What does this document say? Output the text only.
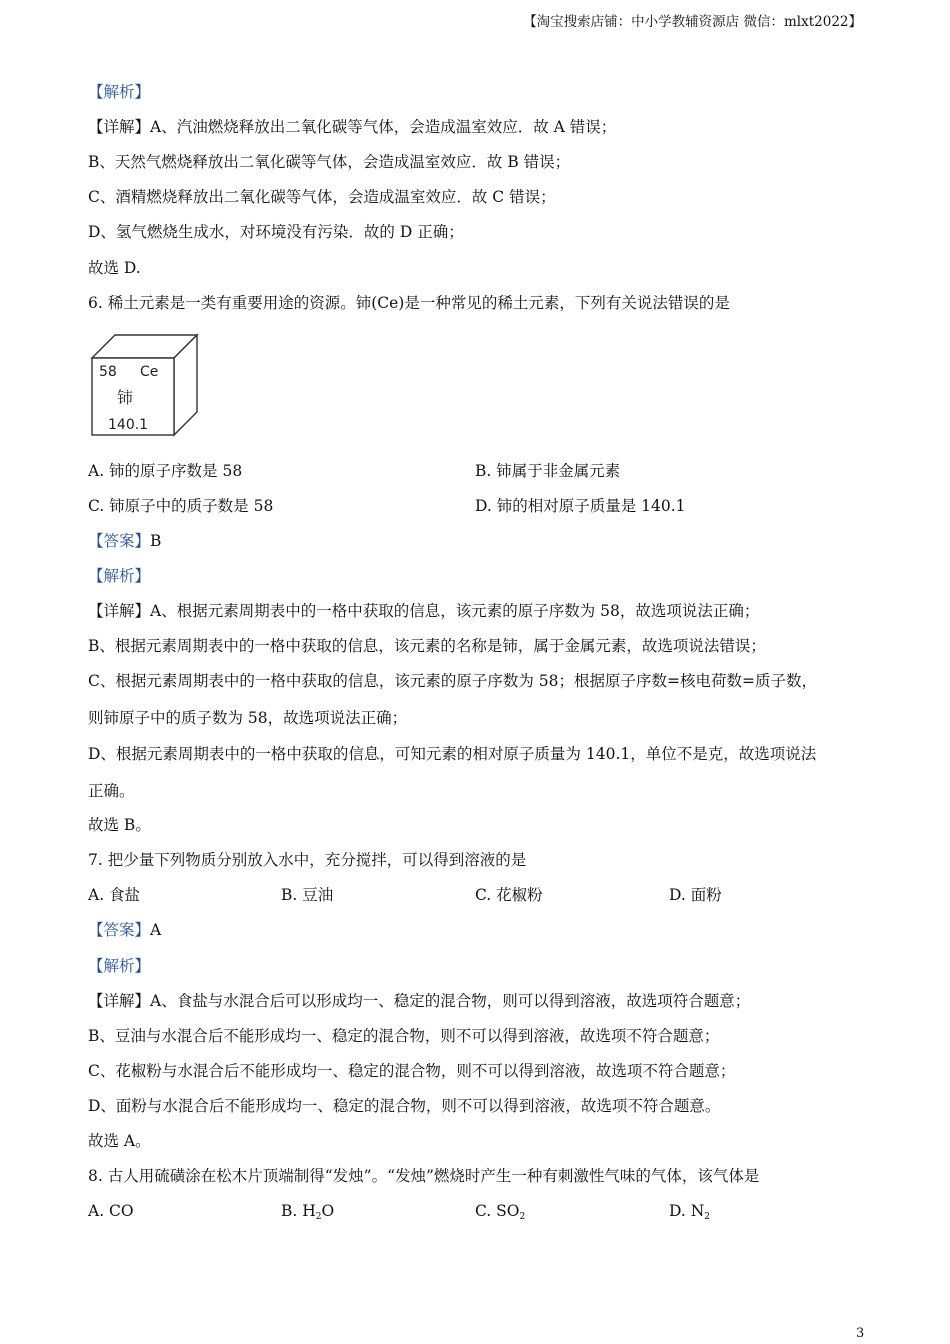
【淘宝搜索店铺：中小学教辅资源店 微信：mlxt2022】
【解析】
【详解】A、汽油燃烧释放出二氧化碳等气体，会造成温室效应．故 A 错误；
B、天然气燃烧释放出二氧化碳等气体，会造成温室效应．故 B 错误；
C、酒精燃烧释放出二氧化碳等气体，会造成温室效应．故 C 错误；
D、氢气燃烧生成水，对环境没有污染．故的 D 正确；
故选 D.
6. 稀土元素是一类有重要用途的资源。铈(Ce)是一种常见的稀土元素，下列有关说法错误的是
58 Ce
铈
140.1
A. 铈的原子序数是 58	B. 铈属于非金属元素
C. 铈原子中的质子数是 58	D. 铈的相对原子质量是 140.1
【答案】B
【解析】
【详解】A、根据元素周期表中的一格中获取的信息，该元素的原子序数为 58，故选项说法正确；
B、根据元素周期表中的一格中获取的信息，该元素的名称是铈，属于金属元素，故选项说法错误；
C、根据元素周期表中的一格中获取的信息，该元素的原子序数为 58；根据原子序数=核电荷数=质子数，
则铈原子中的质子数为 58，故选项说法正确；
D、根据元素周期表中的一格中获取的信息，可知元素的相对原子质量为 140.1，单位不是克，故选项说法
正确。
故选 B。
7. 把少量下列物质分别放入水中，充分搅拌，可以得到溶液的是
A. 食盐	B. 豆油	C. 花椒粉	D. 面粉
【答案】A
【解析】
【详解】A、食盐与水混合后可以形成均一、稳定的混合物，则可以得到溶液，故选项符合题意；
B、豆油与水混合后不能形成均一、稳定的混合物，则不可以得到溶液，故选项不符合题意；
C、花椒粉与水混合后不能形成均一、稳定的混合物，则不可以得到溶液，故选项不符合题意；
D、面粉与水混合后不能形成均一、稳定的混合物，则不可以得到溶液，故选项不符合题意。
故选 A。
8. 古人用硫磺涂在松木片顶端制得“发烛”。“发烛”燃烧时产生一种有刺激性气味的气体，该气体是
A. CO	B. $H_2O$	C. $SO_2$	D. $N_2$
3
